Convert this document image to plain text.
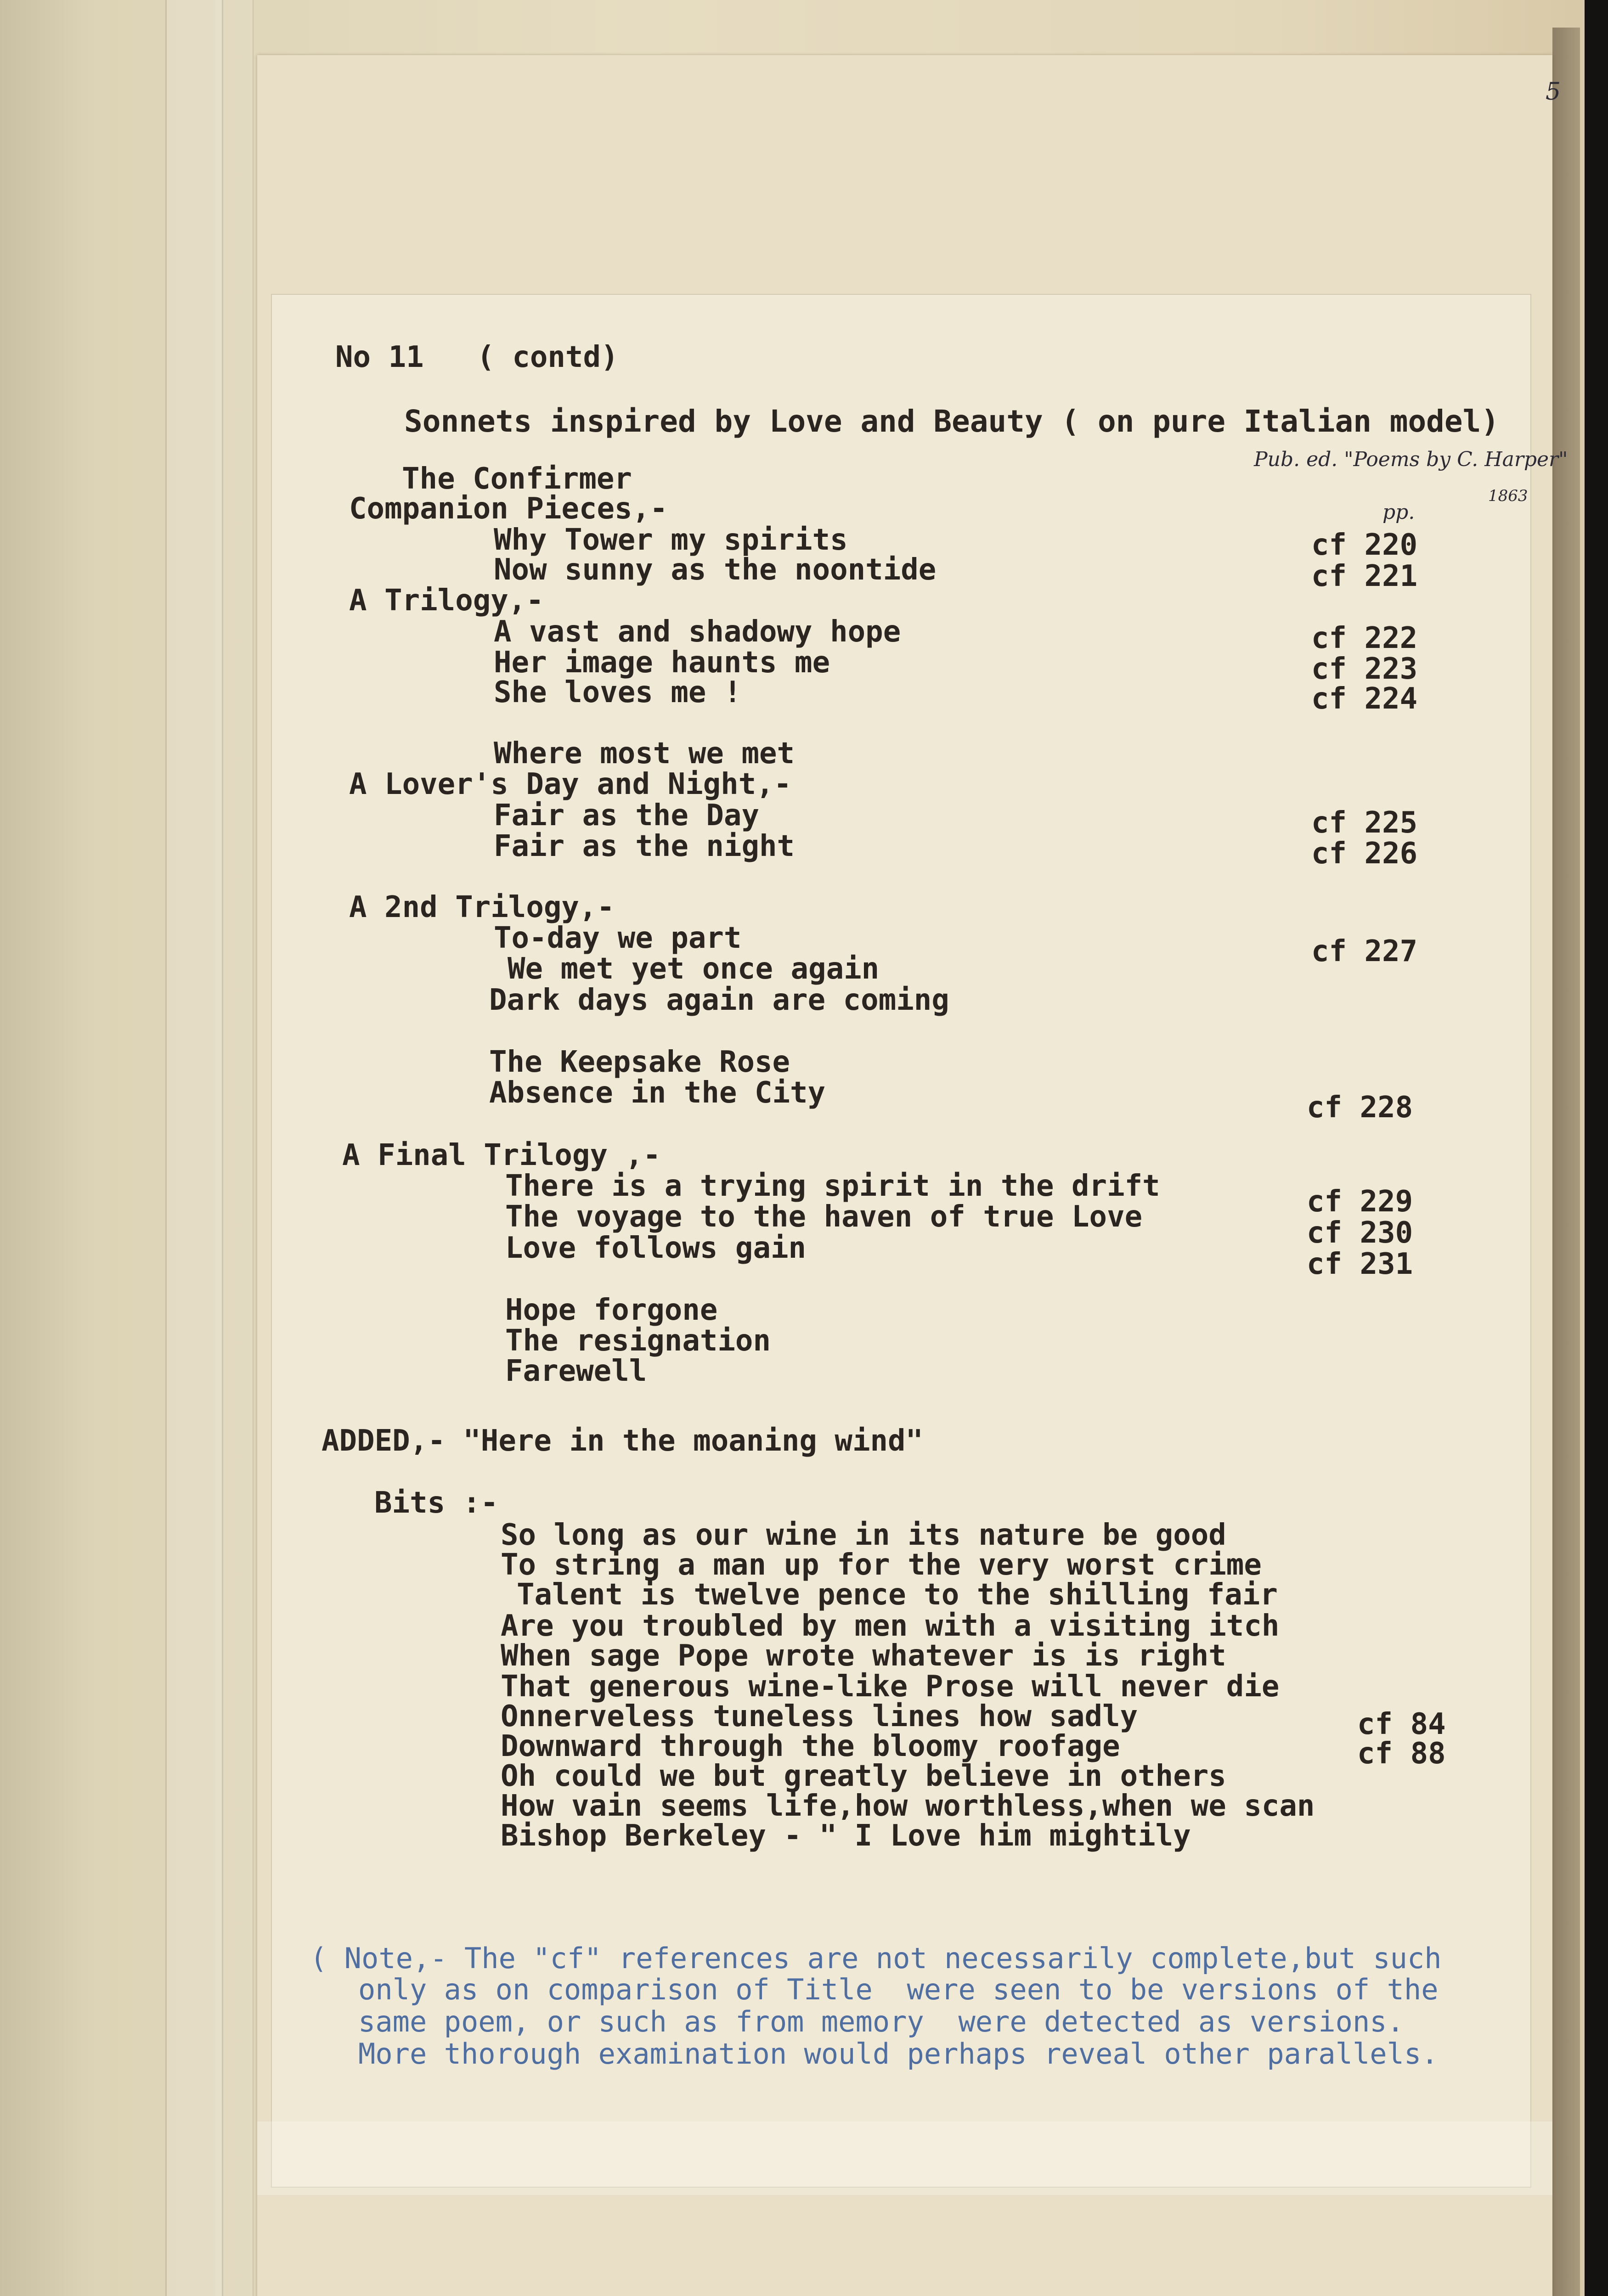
5
No 11   ( contd)
Sonnets inspired by Love and Beauty ( on pure Italian model)
Pub. ed. "Poems by C. Harper"
1863
pp.
The Confirmer
Companion Pieces,-
Why Tower my spirits	cf 220
Now sunny as the noontide	cf 221
A Trilogy,-
A vast and shadowy hope	cf 222
Her image haunts me	cf 223
She loves me !	cf 224
Where most we met
A Lover's Day and Night,-
Fair as the Day	cf 225
Fair as the night	cf 226
A 2nd Trilogy,-
To-day we part	cf 227
We met yet once again
Dark days again are coming
The Keepsake Rose
Absence in the City	cf 228
A Final Trilogy ,-
There is a trying spirit in the drift	cf 229
The voyage to the haven of true Love	cf 230
Love follows gain	cf 231
Hope forgone
The resignation
Farewell
ADDED,- "Here in the moaning wind"
Bits :-
So long as our wine in its nature be good
To string a man up for the very worst crime
Talent is twelve pence to the shilling fair
Are you troubled by men with a visiting itch
When sage Pope wrote whatever is is right
That generous wine-like Prose will never die
Onnerveless tuneless lines how sadly	cf 84
Downward through the bloomy roofage	cf 88
Oh could we but greatly believe in others
How vain seems life,how worthless,when we scan
Bishop Berkeley - " I Love him mightily
( Note,- The "cf" references are not necessarily complete,but such
only as on comparison of Title  were seen to be versions of the
same poem, or such as from memory  were detected as versions.
More thorough examination would perhaps reveal other parallels.
